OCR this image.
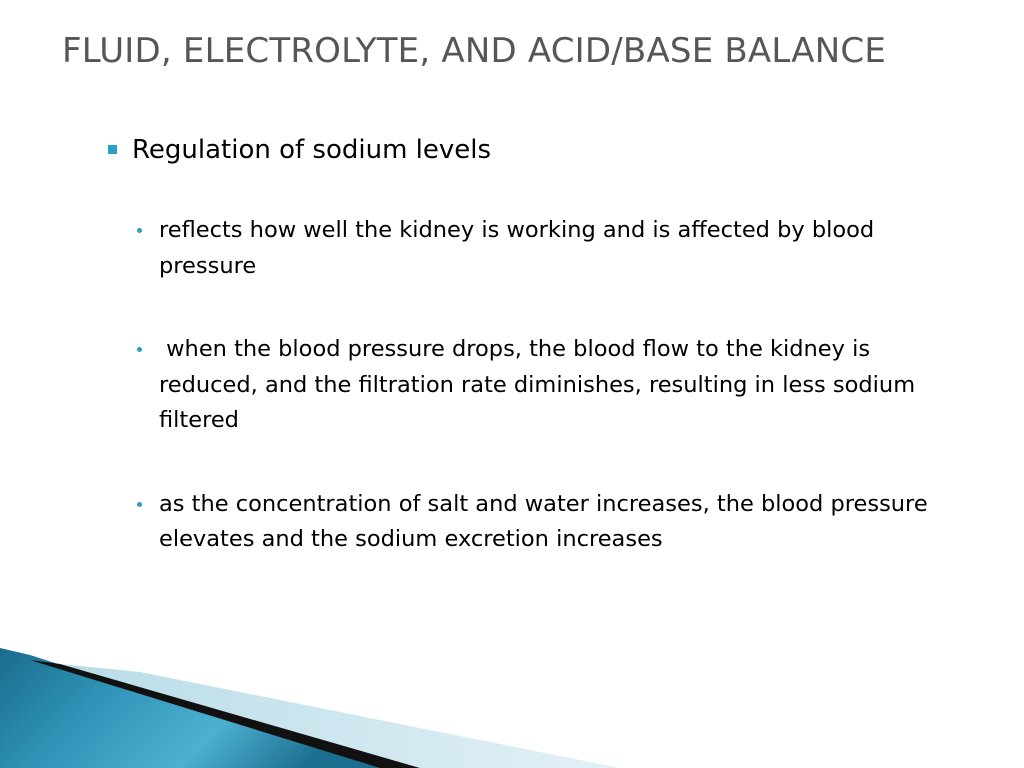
FLUID, ELECTROLYTE, AND ACID/BASE BALANCE
Regulation of sodium levels
reflects how well the kidney is working and is affected by blood pressure
when the blood pressure drops, the blood flow to the kidney is reduced, and the filtration rate diminishes, resulting in less sodium filtered
as the concentration of salt and water increases, the blood pressure elevates and the sodium excretion increases
